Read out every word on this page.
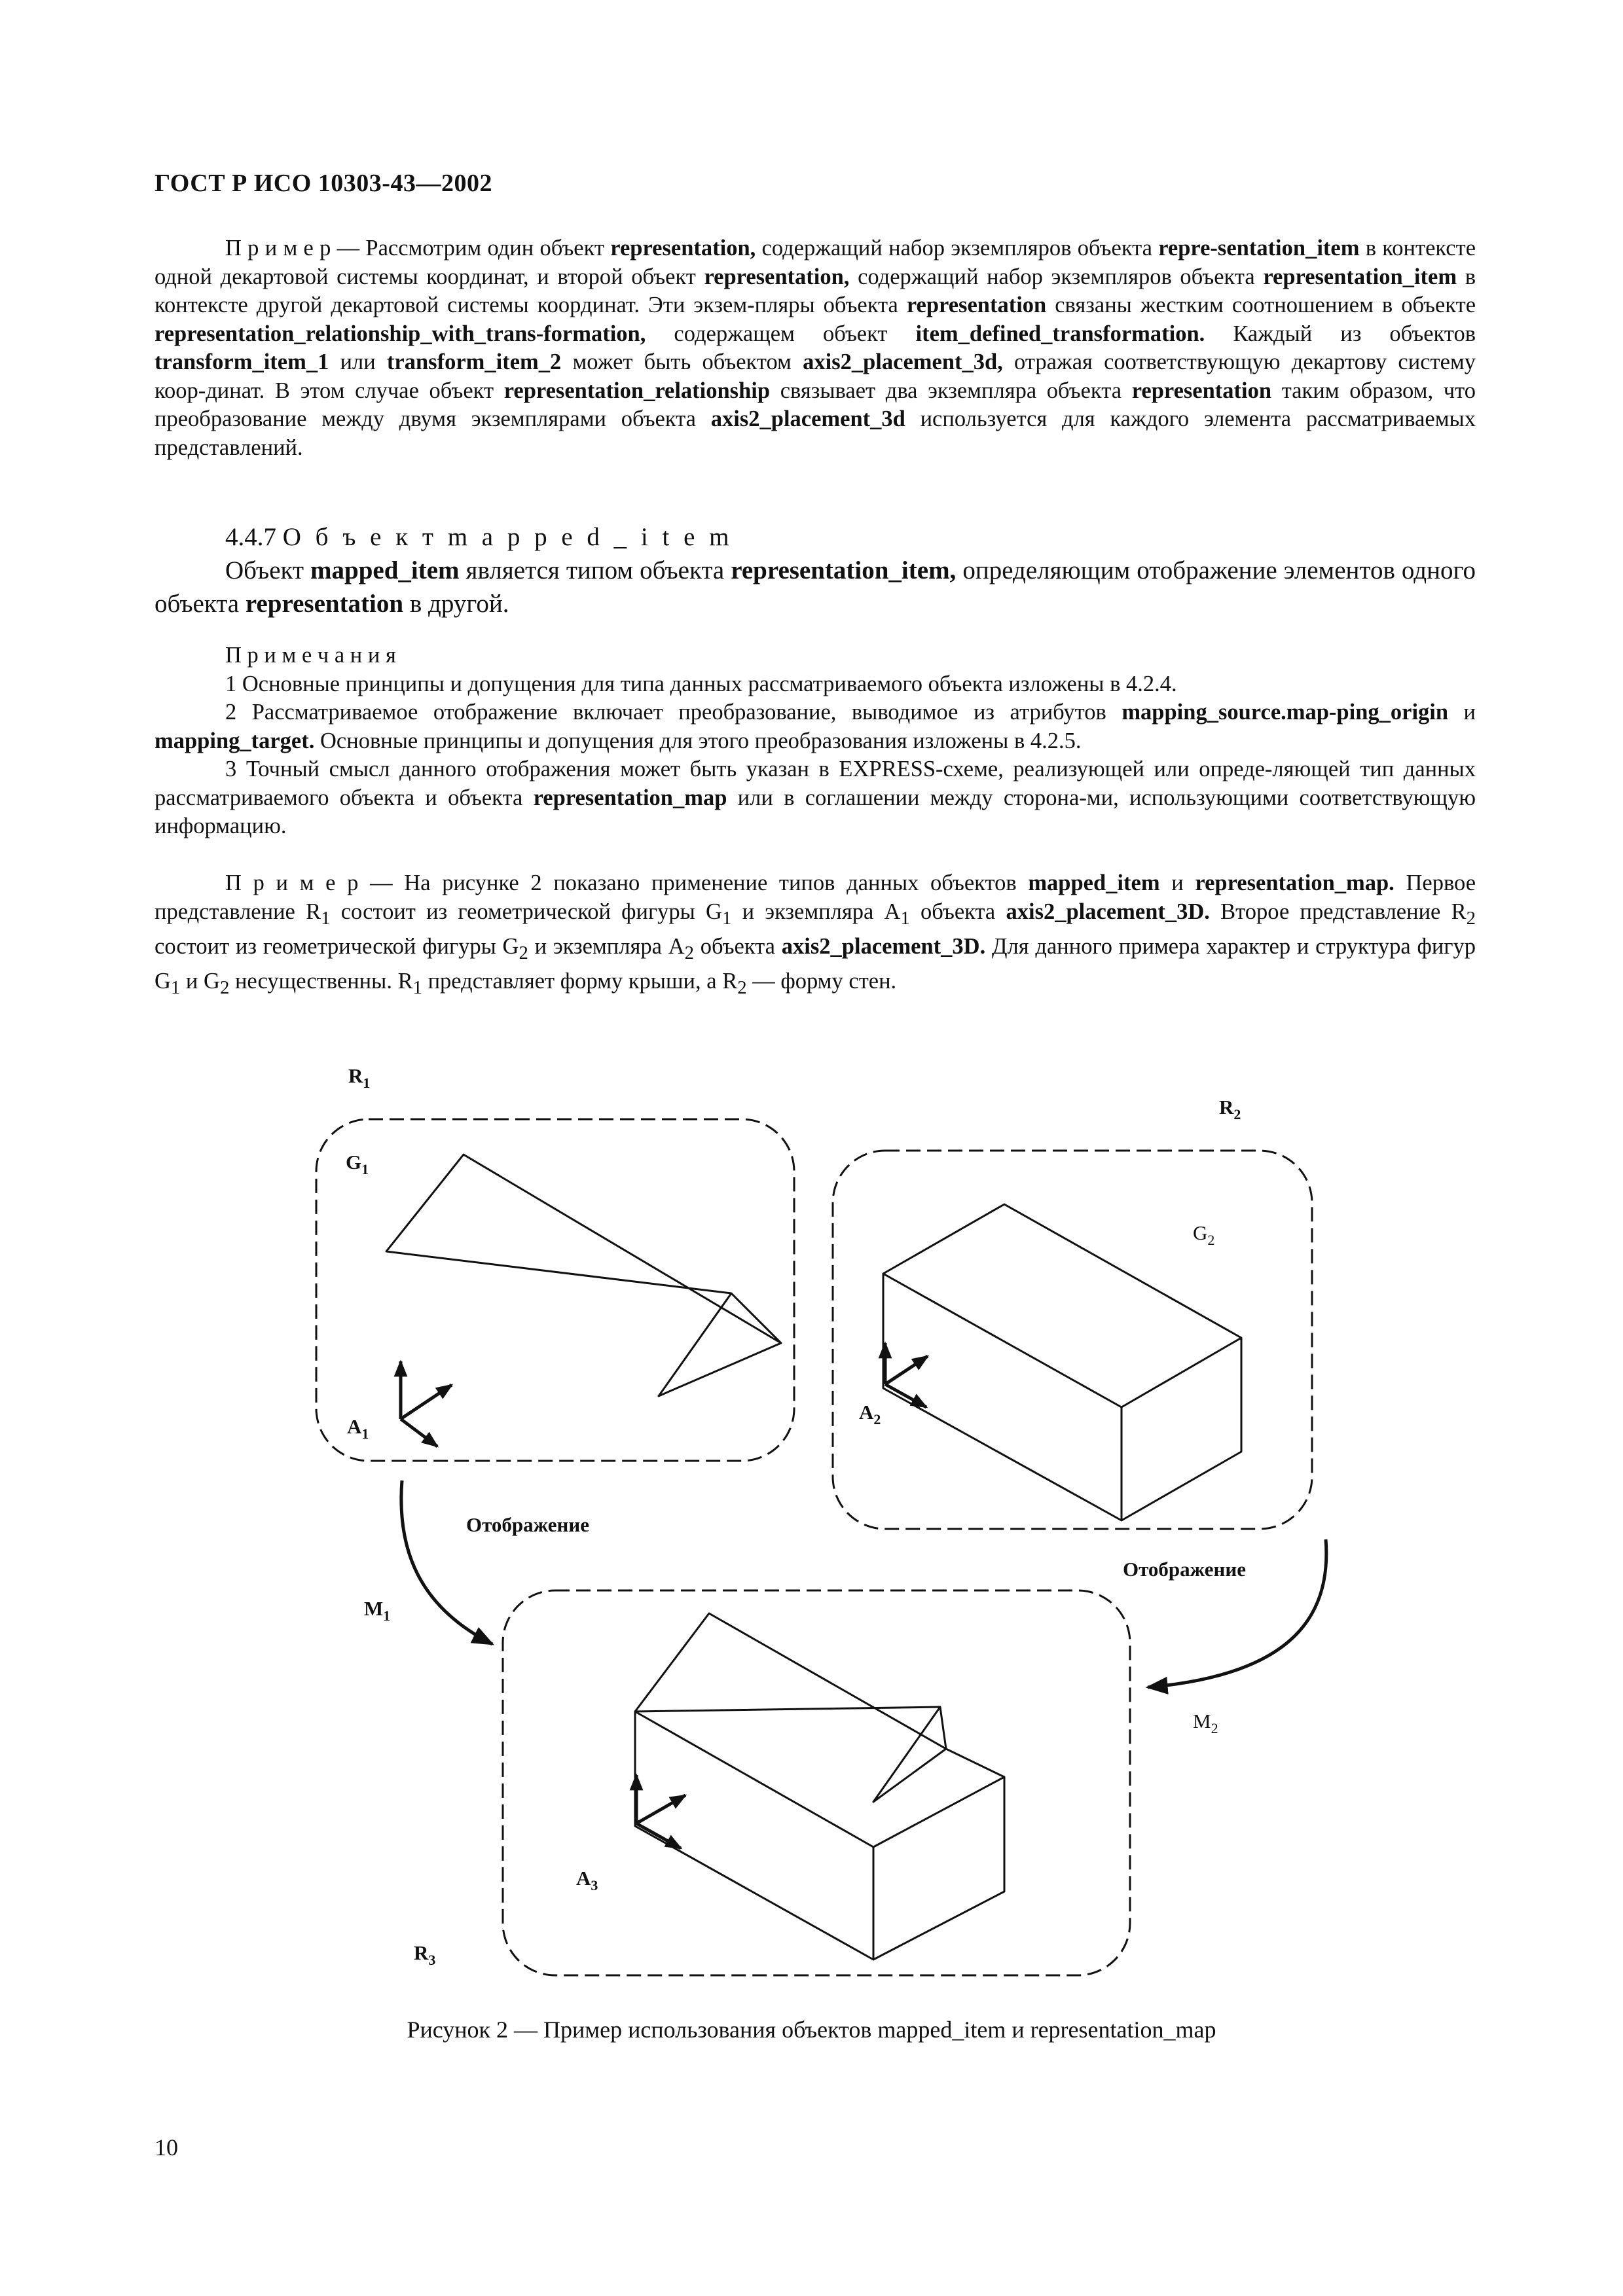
ГОСТ Р ИСО 10303-43—2002

П р и м е р — Рассмотрим один объект representation, содержащий набор экземпляров объекта repre-sentation_item в контексте одной декартовой системы координат, и второй объект representation, содержащий набор экземпляров объекта representation_item в контексте другой декартовой системы координат. Эти экзем-пляры объекта representation связаны жестким соотношением в объекте representation_relationship_with_trans-formation, содержащем объект item_defined_transformation. Каждый из объектов transform_item_1 или transform_item_2 может быть объектом axis2_placement_3d, отражая соответствующую декартову систему коор-динат. В этом случае объект representation_relationship связывает два экземпляра объекта representation таким образом, что преобразование между двумя экземплярами объекта axis2_placement_3d используется для каждого элемента рассматриваемых представлений.

4.4.7 О б ъ е к т m a p p e d _ i t e m

Объект mapped_item является типом объекта representation_item, определяющим отображение элементов одного объекта representation в другой.

П р и м е ч а н и я

1 Основные принципы и допущения для типа данных рассматриваемого объекта изложены в 4.2.4.

2 Рассматриваемое отображение включает преобразование, выводимое из атрибутов mapping_source.map-ping_origin и mapping_target. Основные принципы и допущения для этого преобразования изложены в 4.2.5.

3 Точный смысл данного отображения может быть указан в EXPRESS-схеме, реализующей или опреде-ляющей тип данных рассматриваемого объекта и объекта representation_map или в соглашении между сторона-ми, использующими соответствующую информацию.

П р и м е р — На рисунке 2 показано применение типов данных объектов mapped_item и representation_map. Первое представление $R_1$ состоит из геометрической фигуры $G_1$ и экземпляра $A_1$ объекта axis2_placement_3D. Второе представление $R_2$ состоит из геометрической фигуры $G_2$ и экземпляра $A_2$ объекта axis2_placement_3D. Для данного примера характер и структура фигур $G_1$ и $G_2$ несущественны. $R_1$ представляет форму крыши, а $R_2$ — форму стен.

$R_1$
$R_2$
$R_3$
$G_1$
$G_2$
$A_1$
$A_2$
$A_3$
$M_1$
$M_2$
Отображение
Отображение
Рисунок 2 — Пример использования объектов mapped_item и representation_map
10
